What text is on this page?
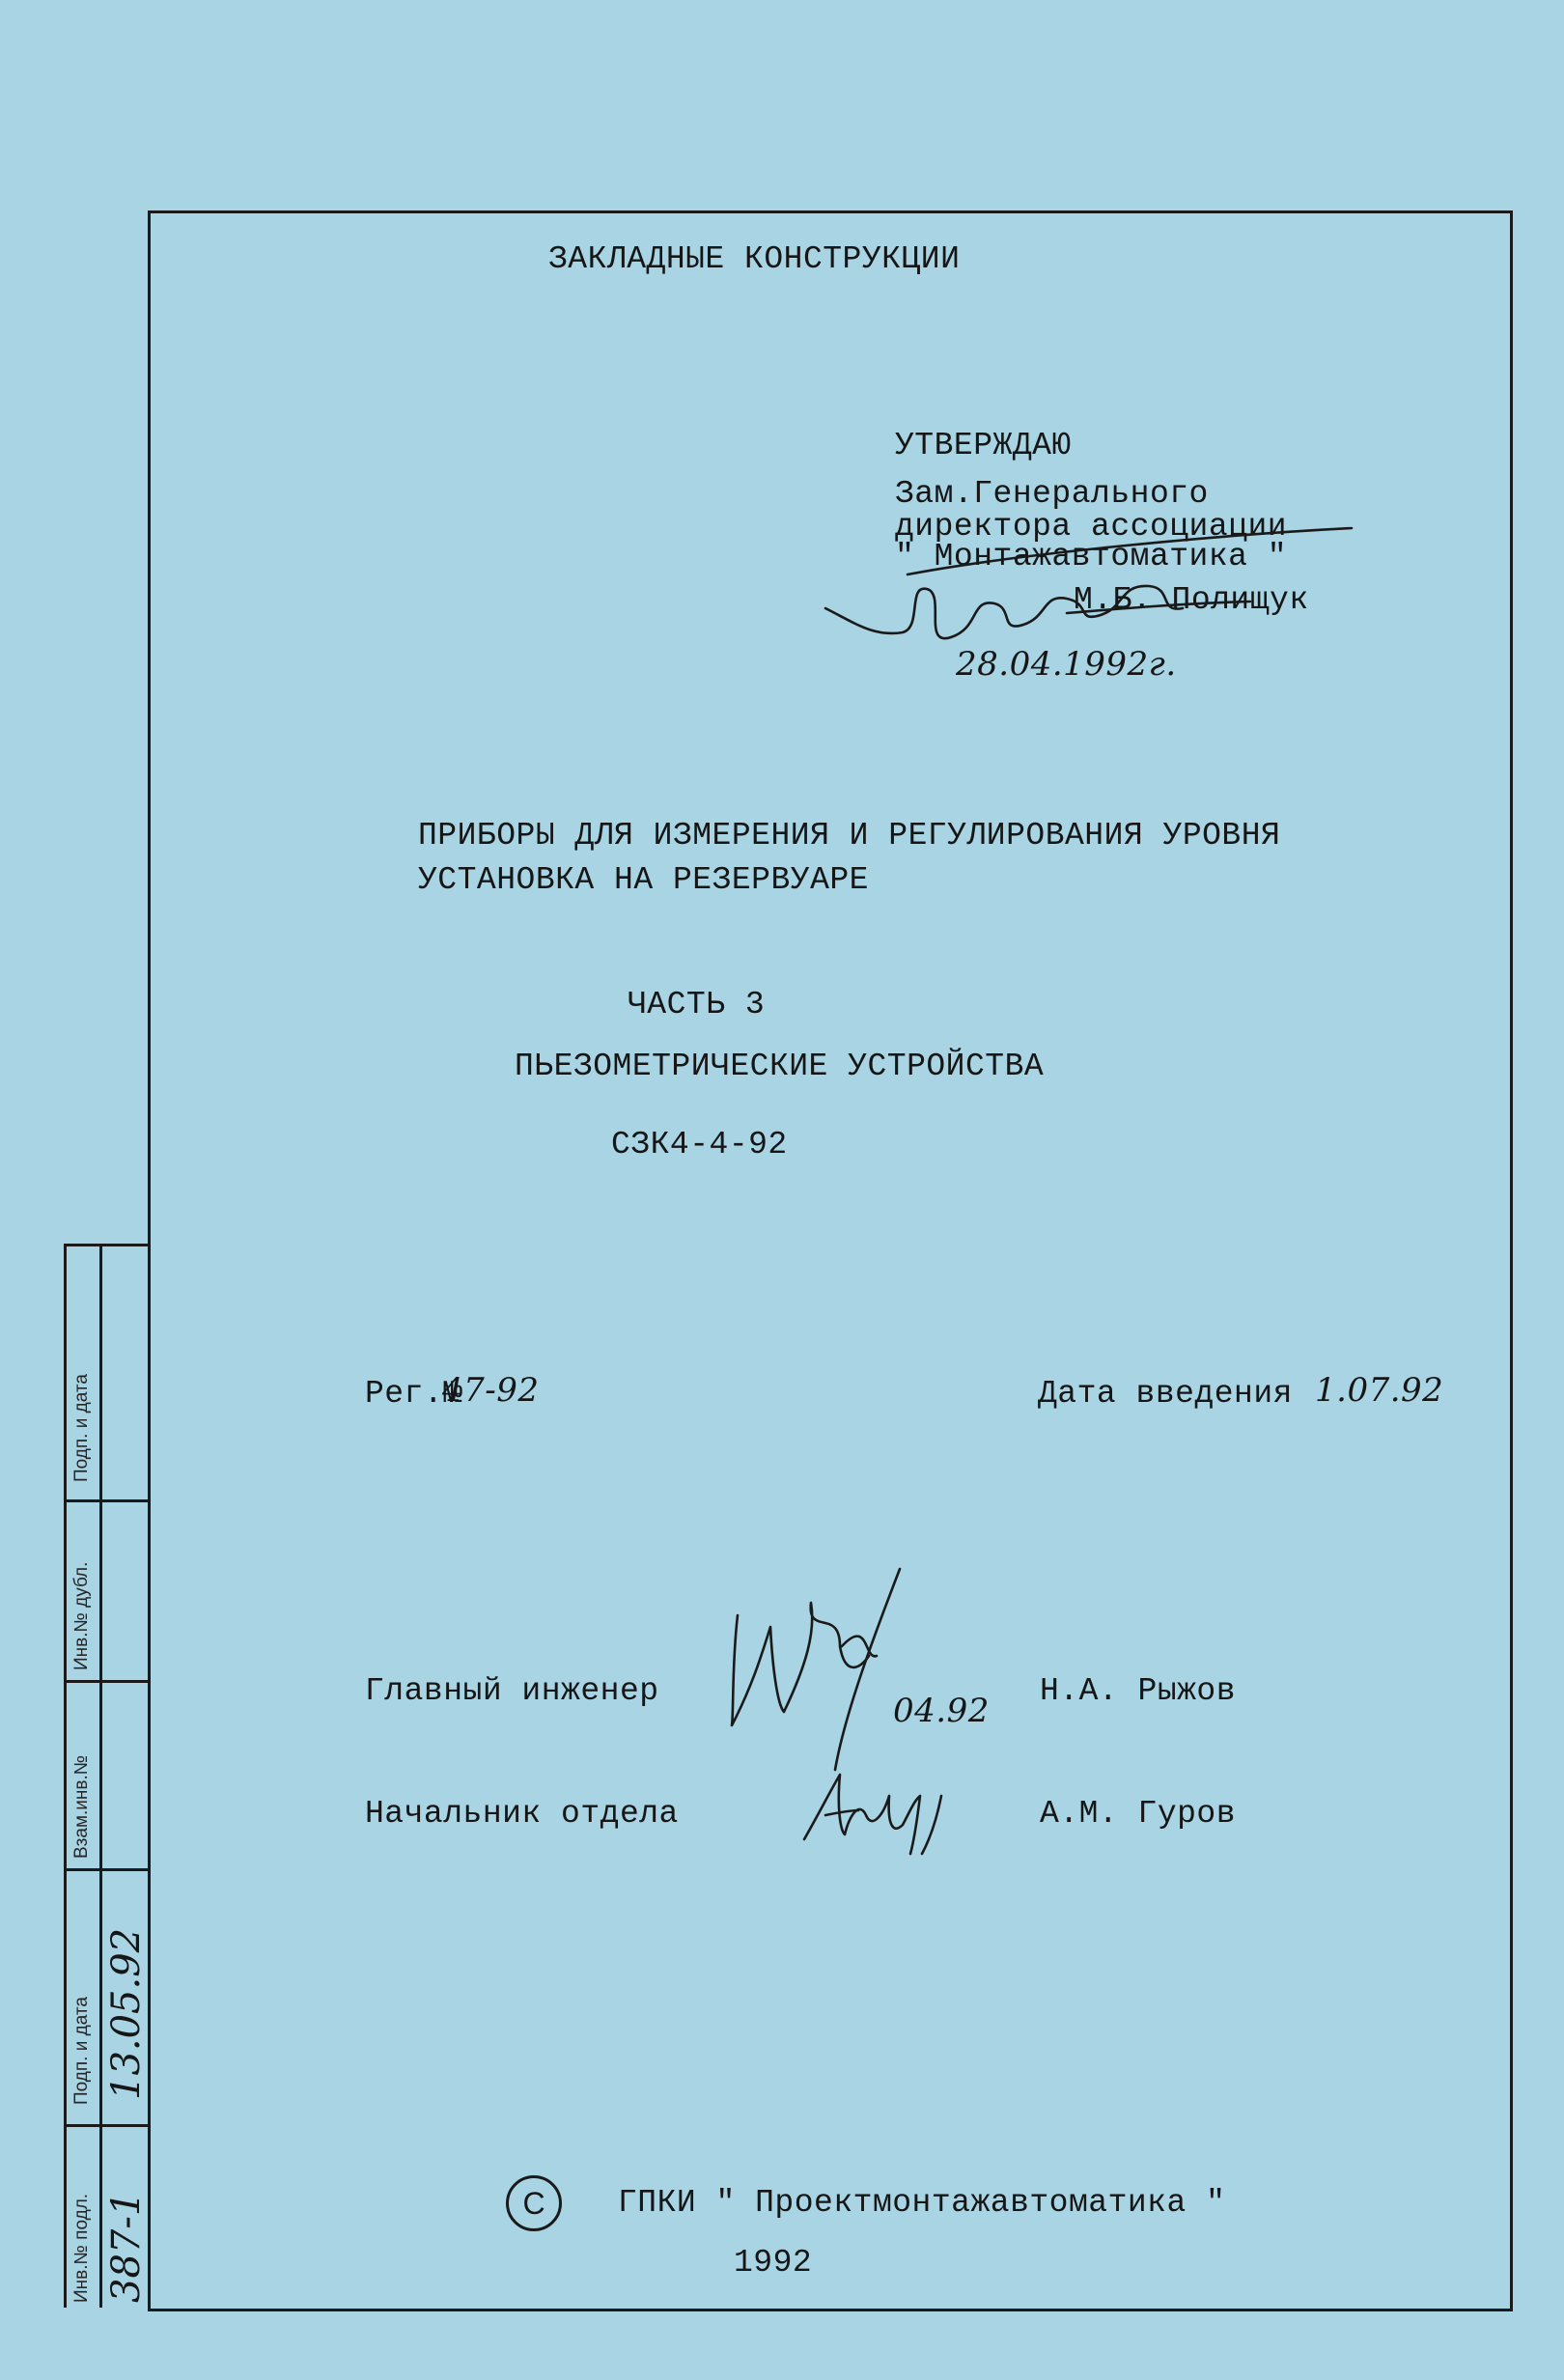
ЗАКЛАДНЫЕ КОНСТРУКЦИИ
УТВЕРЖДАЮ
Зам.Генерального
директора ассоциации
" Монтажавтоматика "
М.Б. Полищук
28.04.1992г.
ПРИБОРЫ ДЛЯ ИЗМЕРЕНИЯ И РЕГУЛИРОВАНИЯ УРОВНЯ
УСТАНОВКА НА РЕЗЕРВУАРЕ
ЧАСТЬ 3
ПЬЕЗОМЕТРИЧЕСКИЕ УСТРОЙСТВА
СЗК4-4-92
Рег.№
47-92	Дата введения 1.07.92
Главный инженер
04.92
Н.А. Рыжов
Начальник отдела	А.М. Гуров
C ГПКИ " Проектмонтажавтоматика "
1992
Подп. и дата
Инв.№ дубл.
Взам.инв.№
Подп. и дата
Инв.№ подл.
13.05.92
387-1
